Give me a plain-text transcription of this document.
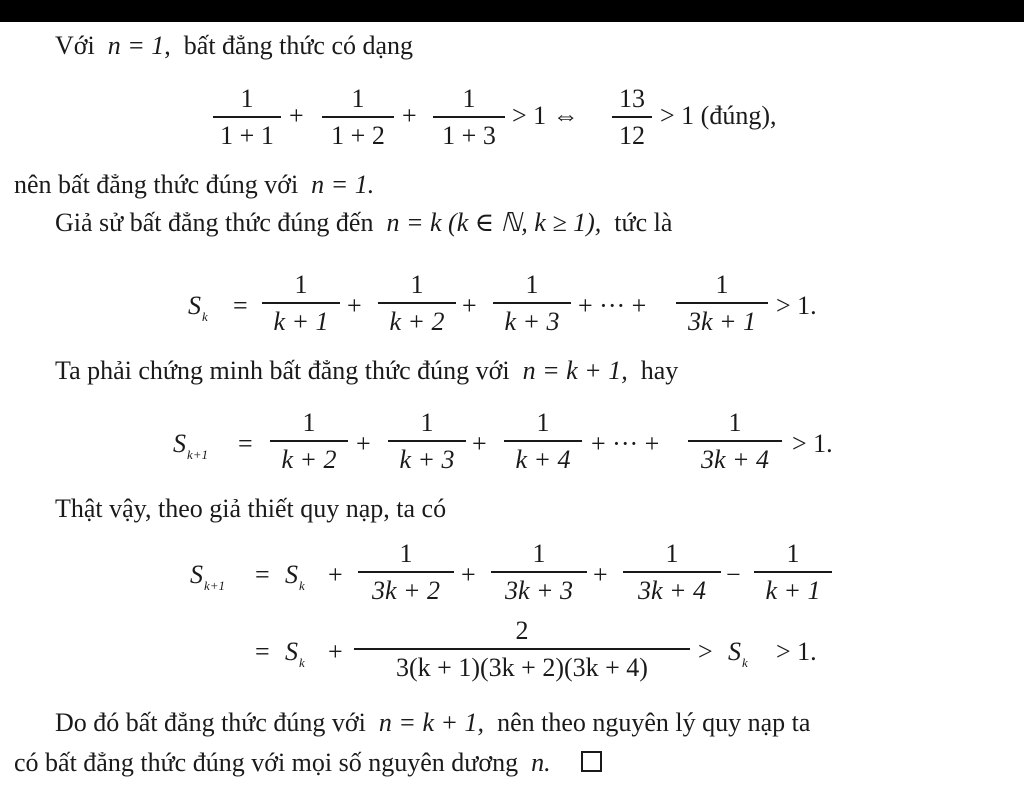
Với n = 1,  bất đẳng thức có dạng
1
1 + 1
+
1
1 + 2
+
1
1 + 3
> 1 ⇔
13
12
> 1 (đúng),
nên bất đẳng thức đúng với n = 1.
Giả sử bất đẳng thức đúng đến n = k (k ∈ ℕ, k ≥ 1), tức là
$S_k$ =
1
k + 1
+
1
k + 2
+
1
k + 3
+ ··· +
1
3k + 1
> 1.
Ta phải chứng minh bất đẳng thức đúng với n = k + 1, hay
$S_{k+1}$ =
1
k + 2
+
1
k + 3
+
1
k + 4
+ ··· +
1
3k + 4
> 1.
Thật vậy, theo giả thiết quy nạp, ta có
$S_{k+1} = S_k$ +
1
3k + 2
+
1
3k + 3
+
1
3k + 4
−
1
k + 1
= $S_k$ +
2
3(k + 1)(3k + 2)(3k + 4)
> $S_k > 1$.
Do đó bất đẳng thức đúng với n = k + 1, nên theo nguyên lý quy nạp ta
có bất đẳng thức đúng với mọi số nguyên dương n.
